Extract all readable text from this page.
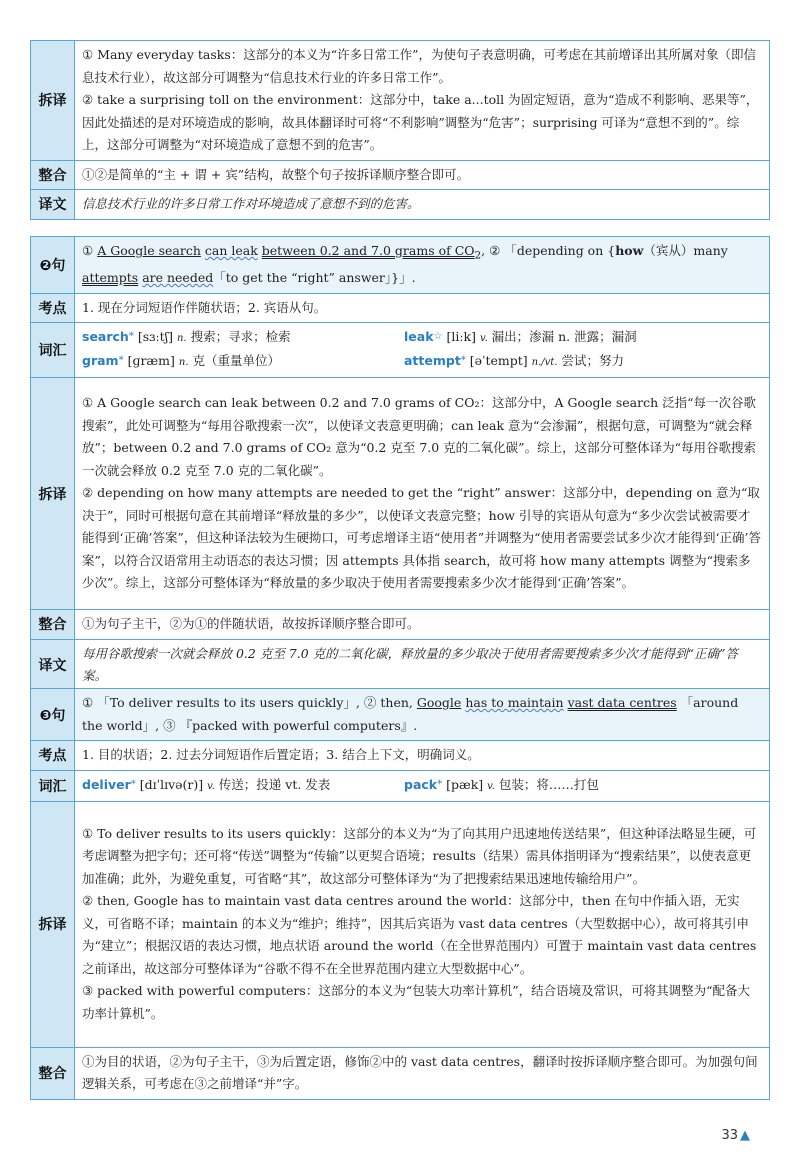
拆译	① Many everyday tasks：这部分的本义为“许多日常工作”，为使句子表意明确，可考虑在其前增译出其所属对象（即信息技术行业），故这部分可调整为“信息技术行业的许多日常工作”。

② take a surprising toll on the environment：这部分中，take a...toll 为固定短语，意为“造成不利影响、恶果等”，因此处描述的是对环境造成的影响，故具体翻译时可将“不利影响”调整为“危害”；surprising 可译为“意想不到的”。综上，这部分可调整为“对环境造成了意想不到的危害”。

整合	①②是简单的“主 + 谓 + 宾”结构，故整个句子按拆译顺序整合即可。
译文	信息技术行业的许多日常工作对环境造成了意想不到的危害。
❷句	① A Google search can leak between 0.2 and 7.0 grams of $CO_2$, ② 「depending on {how（宾从）many attempts are needed「to get the “right” answer」}」.
考点	1. 现在分词短语作伴随状语；2. 宾语从句。
词汇	search* [sɜːtʃ] n. 搜索；寻求；检索 leak☆ [liːk] v. 漏出；渗漏 n. 泄露；漏洞
gram* [ɡræm] n. 克（重量单位） attempt* [əˈtempt] n./vt. 尝试；努力

拆译	① A Google search can leak between 0.2 and 7.0 grams of CO₂：这部分中，A Google search 泛指“每一次谷歌搜索”，此处可调整为“每用谷歌搜索一次”，以使译文表意更明确；can leak 意为“会渗漏”，根据句意，可调整为“就会释放”；between 0.2 and 7.0 grams of CO₂ 意为“0.2 克至 7.0 克的二氧化碳”。综上，这部分可整体译为“每用谷歌搜索一次就会释放 0.2 克至 7.0 克的二氧化碳”。

② depending on how many attempts are needed to get the “right” answer：这部分中，depending on 意为“取决于”，同时可根据句意在其前增译“释放量的多少”，以使译文表意完整；how 引导的宾语从句意为“多少次尝试被需要才能得到‘正确’答案”，但这种译法较为生硬拗口，可考虑增译主语“使用者”并调整为“使用者需要尝试多少次才能得到‘正确’答案”，以符合汉语常用主动语态的表达习惯；因 attempts 具体指 search，故可将 how many attempts 调整为“搜索多少次”。综上，这部分可整体译为“释放量的多少取决于使用者需要搜索多少次才能得到‘正确’答案”。

整合	①为句子主干，②为①的伴随状语，故按拆译顺序整合即可。
译文	每用谷歌搜索一次就会释放 0.2 克至 7.0 克的二氧化碳，释放量的多少取决于使用者需要搜索多少次才能得到“正确”答案。
❸句	① 「To deliver results to its users quickly」, ② then, Google has to maintain vast data centres 「around the world」, ③ 『packed with powerful computers』.
考点	1. 目的状语；2. 过去分词短语作后置定语；3. 结合上下文，明确词义。
词汇	deliver* [dɪˈlɪvə(r)] v. 传送；投递 vt. 发表 pack* [pæk] v. 包装；将……打包

拆译	① To deliver results to its users quickly：这部分的本义为“为了向其用户迅速地传送结果”，但这种译法略显生硬，可考虑调整为把字句；还可将“传送”调整为“传输”以更契合语境；results（结果）需具体指明译为“搜索结果”，以使表意更加准确；此外，为避免重复，可省略“其”，故这部分可整体译为“为了把搜索结果迅速地传输给用户”。

② then, Google has to maintain vast data centres around the world：这部分中，then 在句中作插入语，无实义，可省略不译；maintain 的本义为“维护；维持”，因其后宾语为 vast data centres（大型数据中心），故可将其引申为“建立”；根据汉语的表达习惯，地点状语 around the world（在全世界范围内）可置于 maintain vast data centres 之前译出，故这部分可整体译为“谷歌不得不在全世界范围内建立大型数据中心”。

③ packed with powerful computers：这部分的本义为“包装大功率计算机”，结合语境及常识，可将其调整为“配备大功率计算机”。

整合	①为目的状语，②为句子主干，③为后置定语，修饰②中的 vast data centres，翻译时按拆译顺序整合即可。为加强句间逻辑关系，可考虑在③之前增译“并”字。
33 ▲
